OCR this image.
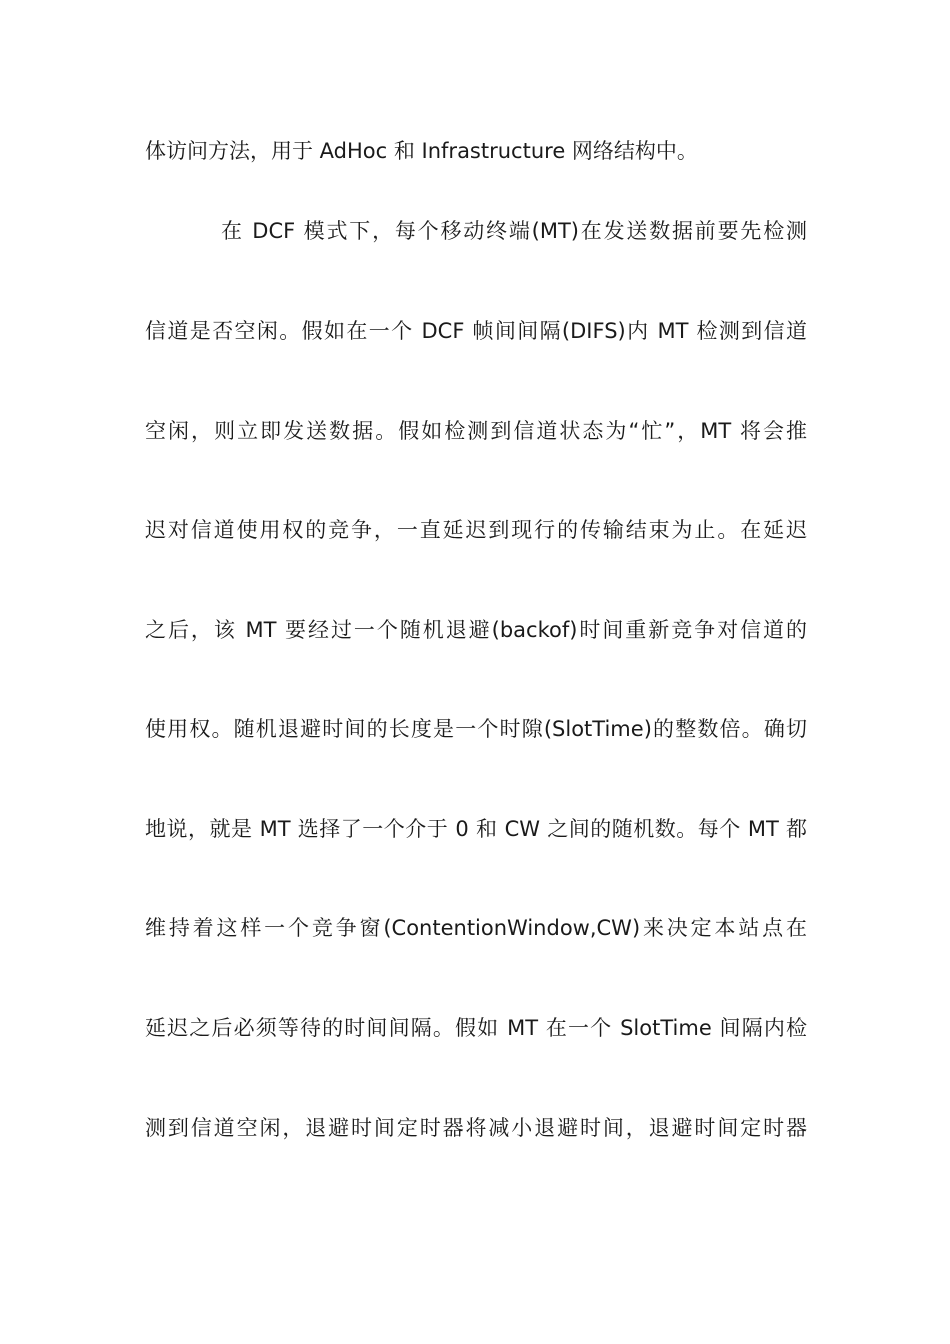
体访问方法，用于 AdHoc 和 Infrastructure 网络结构中。
在 DCF 模式下，每个移动终端(MT)在发送数据前要先检测
信道是否空闲。假如在一个 DCF 帧间间隔(DIFS)内 MT 检测到信道
空闲，则立即发送数据。假如检测到信道状态为“忙”，MT 将会推
迟对信道使用权的竞争，一直延迟到现行的传输结束为止。在延迟
之后，该 MT 要经过一个随机退避(backof)时间重新竞争对信道的
使用权。随机退避时间的长度是一个时隙(SlotTime)的整数倍。确切
地说，就是 MT 选择了一个介于 0 和 CW 之间的随机数。每个 MT 都
维持着这样一个竞争窗(ContentionWindow,CW)来决定本站点在
延迟之后必须等待的时间间隔。假如 MT 在一个 SlotTime 间隔内检
测到信道空闲，退避时间定时器将减小退避时间，退避时间定时器
